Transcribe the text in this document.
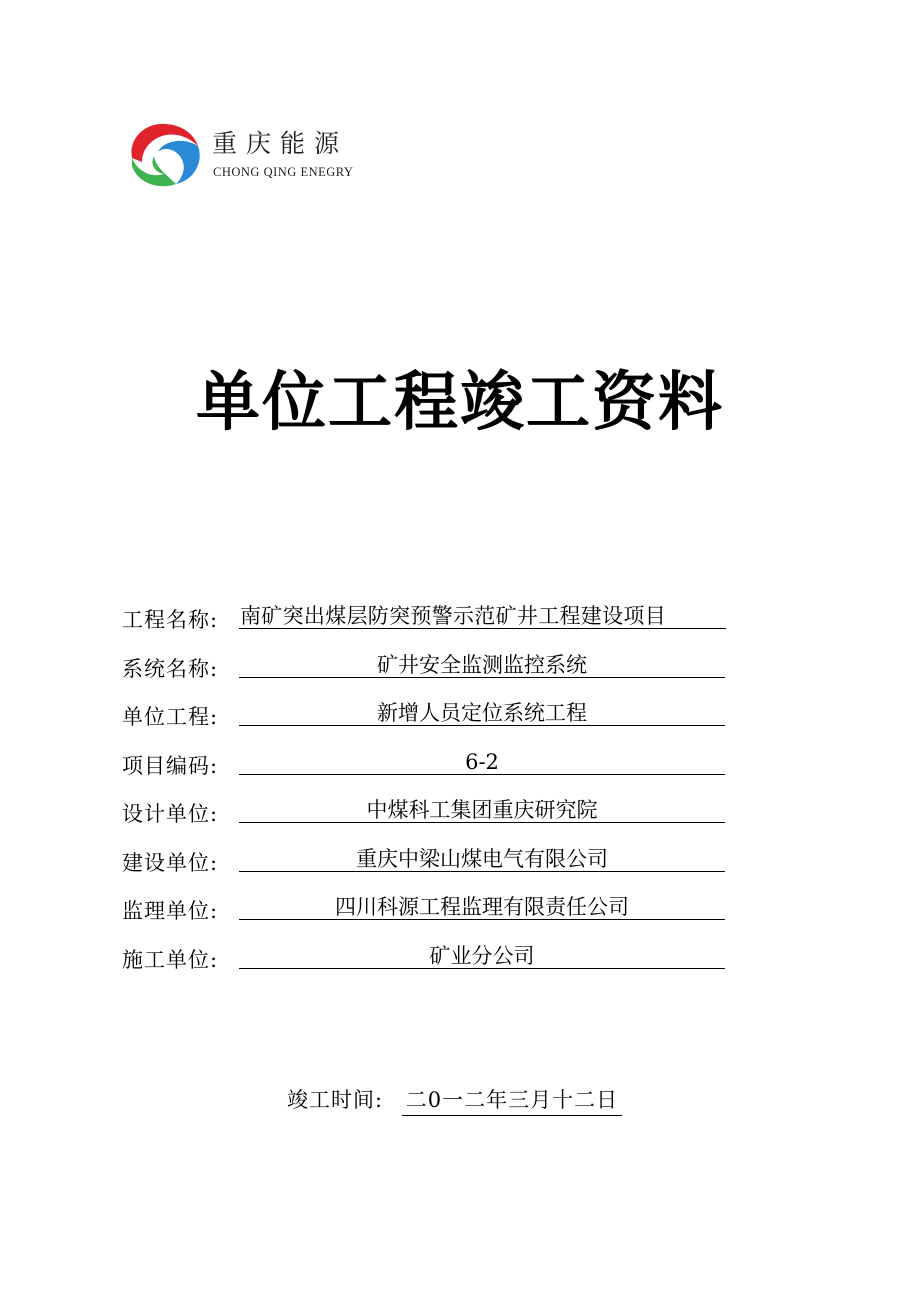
重庆能源
CHONG QING ENEGRY
单位工程竣工资料
工程名称: 南矿突出煤层防突预警示范矿井工程建设项目
系统名称:	矿井安全监测监控系统
单位工程:	新增人员定位系统工程
项目编码:	6-2
设计单位:	中煤科工集团重庆研究院
建设单位:	重庆中梁山煤电气有限公司
监理单位:	四川科源工程监理有限责任公司
施工单位:	矿业分公司
竣工时间: 二0一二年三月十二日
